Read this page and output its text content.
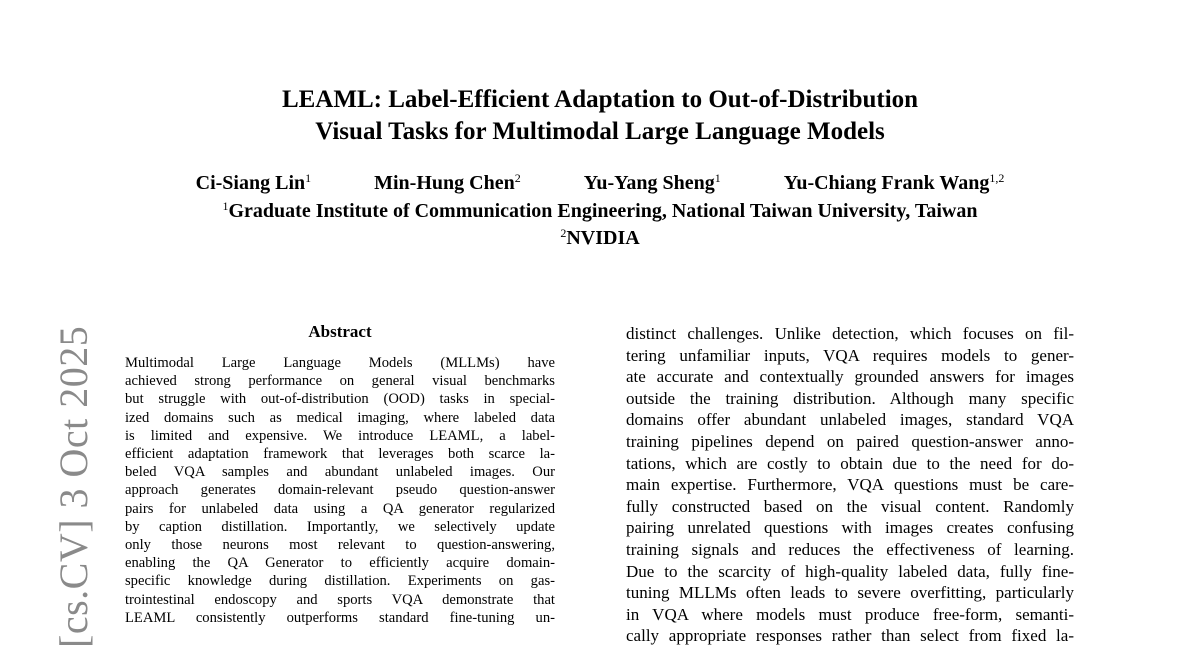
[cs.CV] 3 Oct 2025
LEAML: Label-Efficient Adaptation to Out-of-Distribution
Visual Tasks for Multimodal Large Language Models
Ci-Siang Lin$^1$	Min-Hung Chen$^2$	Yu-Yang Sheng$^1$	Yu-Chiang Frank Wang$^{1,2}$
$^1$Graduate Institute of Communication Engineering, National Taiwan University, Taiwan
$^2$NVIDIA
Abstract
Multimodal Large Language Models (MLLMs) have
achieved strong performance on general visual benchmarks
but struggle with out-of-distribution (OOD) tasks in special-
ized domains such as medical imaging, where labeled data
is limited and expensive. We introduce LEAML, a label-
efficient adaptation framework that leverages both scarce la-
beled VQA samples and abundant unlabeled images. Our
approach generates domain-relevant pseudo question-answer
pairs for unlabeled data using a QA generator regularized
by caption distillation. Importantly, we selectively update
only those neurons most relevant to question-answering,
enabling the QA Generator to efficiently acquire domain-
specific knowledge during distillation. Experiments on gas-
trointestinal endoscopy and sports VQA demonstrate that
LEAML consistently outperforms standard fine-tuning un-
distinct challenges. Unlike detection, which focuses on fil-
tering unfamiliar inputs, VQA requires models to gener-
ate accurate and contextually grounded answers for images
outside the training distribution. Although many specific
domains offer abundant unlabeled images, standard VQA
training pipelines depend on paired question-answer anno-
tations, which are costly to obtain due to the need for do-
main expertise. Furthermore, VQA questions must be care-
fully constructed based on the visual content. Randomly
pairing unrelated questions with images creates confusing
training signals and reduces the effectiveness of learning.
Due to the scarcity of high-quality labeled data, fully fine-
tuning MLLMs often leads to severe overfitting, particularly
in VQA where models must produce free-form, semanti-
cally appropriate responses rather than select from fixed la-
